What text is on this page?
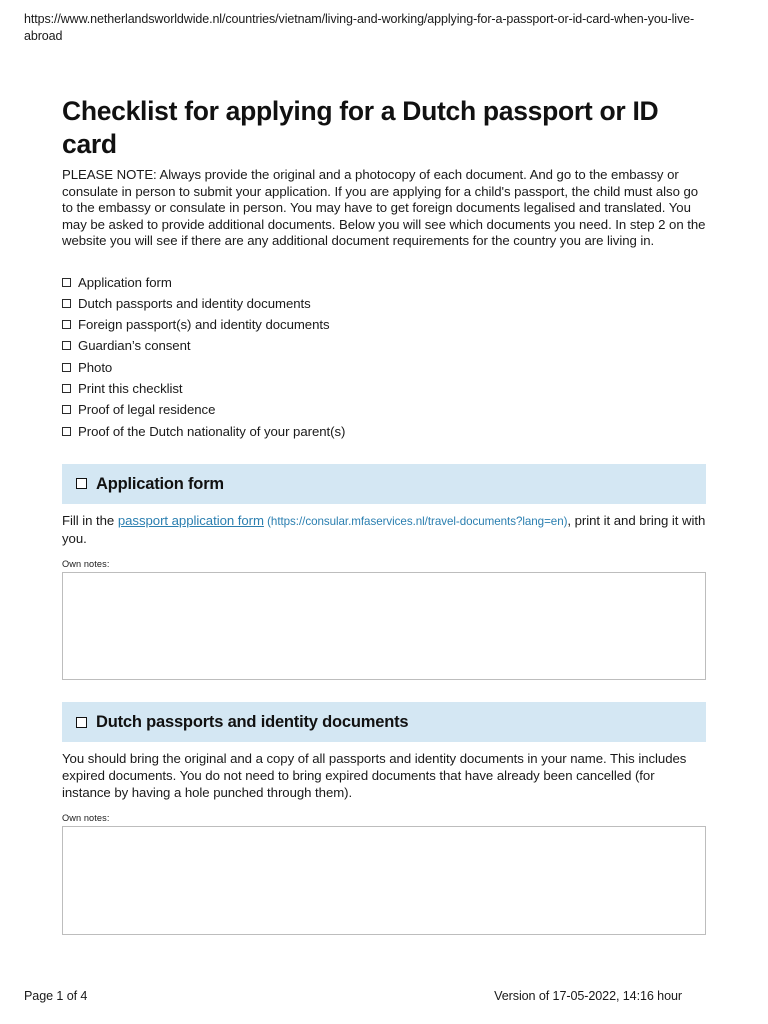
https://www.netherlandsworldwide.nl/countries/vietnam/living-and-working/applying-for-a-passport-or-id-card-when-you-live-abroad
Checklist for applying for a Dutch passport or ID card

PLEASE NOTE: Always provide the original and a photocopy of each document. And go to the embassy or consulate in person to submit your application. If you are applying for a child's passport, the child must also go to the embassy or consulate in person. You may have to get foreign documents legalised and translated. You may be asked to provide additional documents. Below you will see which documents you need. In step 2 on the website you will see if there are any additional document requirements for the country you are living in.

Application form
Dutch passports and identity documents
Foreign passport(s) and identity documents
Guardian’s consent
Photo
Print this checklist
Proof of legal residence
Proof of the Dutch nationality of your parent(s)
Application form

Fill in the passport application form (https://consular.mfaservices.nl/travel-documents?lang=en), print it and bring it with you.

Own notes:
Dutch passports and identity documents

You should bring the original and a copy of all passports and identity documents in your name. This includes expired documents. You do not need to bring expired documents that have already been cancelled (for instance by having a hole punched through them).

Own notes:
Page 1 of 4	Version of 17-05-2022, 14:16 hour
